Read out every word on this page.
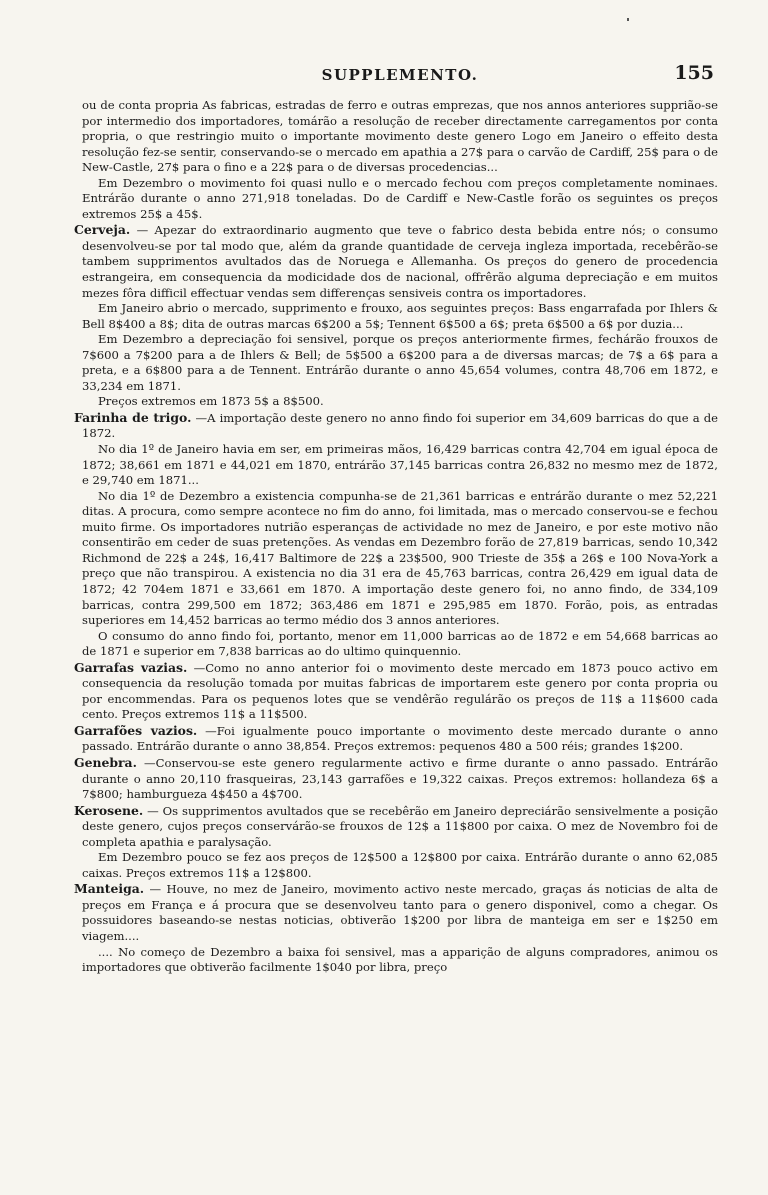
SUPPLEMENTO.	155

ou de conta propria As fabricas, estradas de ferro e outras emprezas, que nos annos anteriores supprião-se por intermedio dos importadores, tomárão a resolução de receber directamente carregamentos por conta propria, o que restringio muito o importante movimento deste genero Logo em Janeiro o effeito desta resolução fez-se sentir, conservando-se o mercado em apathia a 27$ para o carvão de Cardiff, 25$ para o de New-Castle, 27$ para o fino e a 22$ para o de diversas procedencias...

Em Dezembro o movimento foi quasi nullo e o mercado fechou com preços completamente nominaes. Entrárão durante o anno 271,918 toneladas. Do de Cardiff e New-Castle forão os seguintes os preços extremos 25$ a 45$.

Cerveja. — Apezar do extraordinario augmento que teve o fabrico desta bebida entre nós; o consumo desenvolveu-se por tal modo que, além da grande quantidade de cerveja ingleza importada, recebêrão-se tambem supprimentos avultados das de Noruega e Allemanha. Os preços do genero de procedencia estrangeira, em consequencia da modicidade dos de nacional, offrêrão alguma depreciação e em muitos mezes fôra difficil effectuar vendas sem differenças sensiveis contra os importadores.

Em Janeiro abrio o mercado, supprimento e frouxo, aos seguintes preços: Bass engarrafada por Ihlers & Bell 8$400 a 8$; dita de outras marcas 6$200 a 5$; Tennent 6$500 a 6$; preta 6$500 a 6$ por duzia...

Em Dezembro a depreciação foi sensivel, porque os preços anteriormente firmes, fechárão frouxos de 7$600 a 7$200 para a de Ihlers & Bell; de 5$500 a 6$200 para a de diversas marcas; de 7$ a 6$ para a preta, e a 6$800 para a de Tennent. Entrárão durante o anno 45,654 volumes, contra 48,706 em 1872, e 33,234 em 1871.

Preços extremos em 1873 5$ a 8$500.

Farinha de trigo. —A importação deste genero no anno findo foi superior em 34,609 barricas do que a de 1872.

No dia 1º de Janeiro havia em ser, em primeiras mãos, 16,429 barricas contra 42,704 em igual época de 1872; 38,661 em 1871 e 44,021 em 1870, entrárão 37,145 barricas contra 26,832 no mesmo mez de 1872, e 29,740 em 1871...

No dia 1º de Dezembro a existencia compunha-se de 21,361 barricas e entrárão durante o mez 52,221 ditas. A procura, como sempre acontece no fim do anno, foi limitada, mas o mercado conservou-se e fechou muito firme. Os importadores nutrião esperanças de actividade no mez de Janeiro, e por este motivo não consentirão em ceder de suas pretenções. As vendas em Dezembro forão de 27,819 barricas, sendo 10,342 Richmond de 22$ a 24$, 16,417 Baltimore de 22$ a 23$500, 900 Trieste de 35$ a 26$ e 100 Nova-York a preço que não transpirou. A existencia no dia 31 era de 45,763 barricas, contra 26,429 em igual data de 1872; 42 704em 1871 e 33,661 em 1870. A importação deste genero foi, no anno findo, de 334,109 barricas, contra 299,500 em 1872; 363,486 em 1871 e 295,985 em 1870. Forão, pois, as entradas superiores em 14,452 barricas ao termo médio dos 3 annos anteriores.

O consumo do anno findo foi, portanto, menor em 11,000 barricas ao de 1872 e em 54,668 barricas ao de 1871 e superior em 7,838 barricas ao do ultimo quinquennio.

Garrafas vazias. —Como no anno anterior foi o movimento deste mercado em 1873 pouco activo em consequencia da resolução tomada por muitas fabricas de importarem este genero por conta propria ou por encommendas. Para os pequenos lotes que se vendêrão regulárão os preços de 11$ a 11$600 cada cento. Preços extremos 11$ a 11$500.

Garrafões vazios. —Foi igualmente pouco importante o movimento deste mercado durante o anno passado. Entrárão durante o anno 38,854. Preços extremos: pequenos 480 a 500 réis; grandes 1$200.

Genebra. —Conservou-se este genero regularmente activo e firme durante o anno passado. Entrárão durante o anno 20,110 frasqueiras, 23,143 garrafões e 19,322 caixas. Preços extremos: hollandeza 6$ a 7$800; hamburgueza 4$450 a 4$700.

Kerosene. — Os supprimentos avultados que se recebêrão em Janeiro depreciárão sensivelmente a posição deste genero, cujos preços conservárão-se frouxos de 12$ a 11$800 por caixa. O mez de Novembro foi de completa apathia e paralysação.

Em Dezembro pouco se fez aos preços de 12$500 a 12$800 por caixa. Entrárão durante o anno 62,085 caixas. Preços extremos 11$ a 12$800.

Manteiga. — Houve, no mez de Janeiro, movimento activo neste mercado, graças ás noticias de alta de preços em França e á procura que se desenvolveu tanto para o genero disponivel, como a chegar. Os possuidores baseando-se nestas noticias, obtiverão 1$200 por libra de manteiga em ser e 1$250 em viagem....

.... No começo de Dezembro a baixa foi sensivel, mas a apparição de alguns compradores, animou os importadores que obtiverão facilmente 1$040 por libra, preço
